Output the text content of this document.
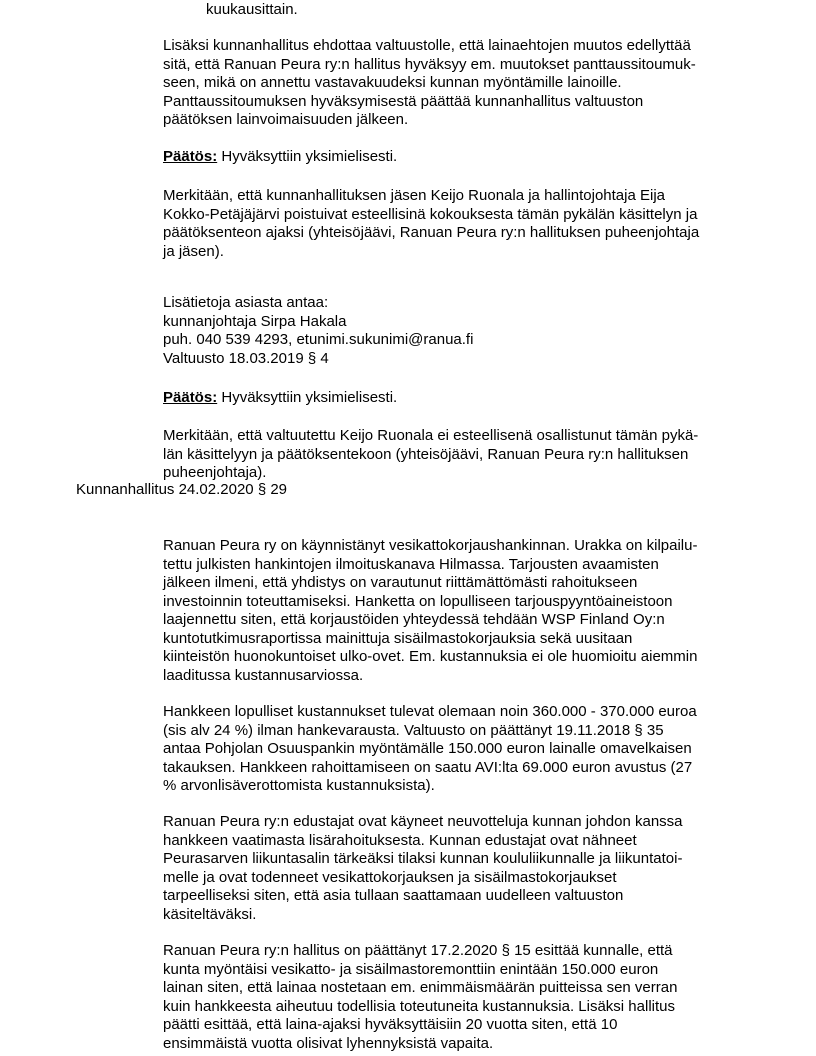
kuukausittain.
Lisäksi kunnanhallitus ehdottaa valtuustolle, että lainaehtojen muutos edellyttää
sitä, että Ranuan Peura ry:n hallitus hyväksyy em. muutokset panttaussitoumuk-
seen, mikä on annettu vastavakuudeksi kunnan myöntämille lainoille.
Panttaussitoumuksen hyväksymisestä päättää kunnanhallitus valtuuston
päätöksen lainvoimaisuuden jälkeen.
Päätös: Hyväksyttiin yksimielisesti.
Merkitään, että kunnanhallituksen jäsen Keijo Ruonala ja hallintojohtaja Eija
Kokko-Petäjäjärvi poistuivat esteellisinä kokouksesta tämän pykälän käsittelyn ja
päätöksenteon ajaksi (yhteisöjäävi, Ranuan Peura ry:n hallituksen puheenjohtaja
ja jäsen).
Lisätietoja asiasta antaa:
kunnanjohtaja Sirpa Hakala
puh. 040 539 4293, etunimi.sukunimi@ranua.fi
Valtuusto 18.03.2019 § 4
Päätös: Hyväksyttiin yksimielisesti.
Merkitään, että valtuutettu Keijo Ruonala ei esteellisenä osallistunut tämän pykä-
län käsittelyyn ja päätöksentekoon (yhteisöjäävi, Ranuan Peura ry:n hallituksen
puheenjohtaja).
Kunnanhallitus 24.02.2020 § 29
Ranuan Peura ry on käynnistänyt vesikattokorjaushankinnan. Urakka on kilpailu-
tettu julkisten hankintojen ilmoituskanava Hilmassa. Tarjousten avaamisten
jälkeen ilmeni, että yhdistys on varautunut riittämättömästi rahoitukseen
investoinnin toteuttamiseksi. Hanketta on lopulliseen tarjouspyyntöaineistoon
laajennettu siten, että korjaustöiden yhteydessä tehdään WSP Finland Oy:n
kuntotutkimusraportissa mainittuja sisäilmastokorjauksia sekä uusitaan
kiinteistön huonokuntoiset ulko-ovet. Em. kustannuksia ei ole huomioitu aiemmin
laaditussa kustannusarviossa.
Hankkeen lopulliset kustannukset tulevat olemaan noin 360.000 - 370.000 euroa
(sis alv 24 %) ilman hankevarausta. Valtuusto on päättänyt 19.11.2018 § 35
antaa Pohjolan Osuuspankin myöntämälle 150.000 euron lainalle omavelkaisen
takauksen. Hankkeen rahoittamiseen on saatu AVI:lta 69.000 euron avustus (27
% arvonlisäverottomista kustannuksista).
Ranuan Peura ry:n edustajat ovat käyneet neuvotteluja kunnan johdon kanssa
hankkeen vaatimasta lisärahoituksesta. Kunnan edustajat ovat nähneet
Peurasarven liikuntasalin tärkeäksi tilaksi kunnan koululiikunnalle ja liikuntatoi-
melle ja ovat todenneet vesikattokorjauksen ja sisäilmastokorjaukset
tarpeelliseksi siten, että asia tullaan saattamaan uudelleen valtuuston
käsiteltäväksi.
Ranuan Peura ry:n hallitus on päättänyt 17.2.2020 § 15 esittää kunnalle, että
kunta myöntäisi vesikatto- ja sisäilmastoremonttiin enintään 150.000 euron
lainan siten, että lainaa nostetaan em. enimmäismäärän puitteissa sen verran
kuin hankkeesta aiheutuu todellisia toteutuneita kustannuksia. Lisäksi hallitus
päätti esittää, että laina-ajaksi hyväksyttäisiin 20 vuotta siten, että 10
ensimmäistä vuotta olisivat lyhennyksistä vapaita.
